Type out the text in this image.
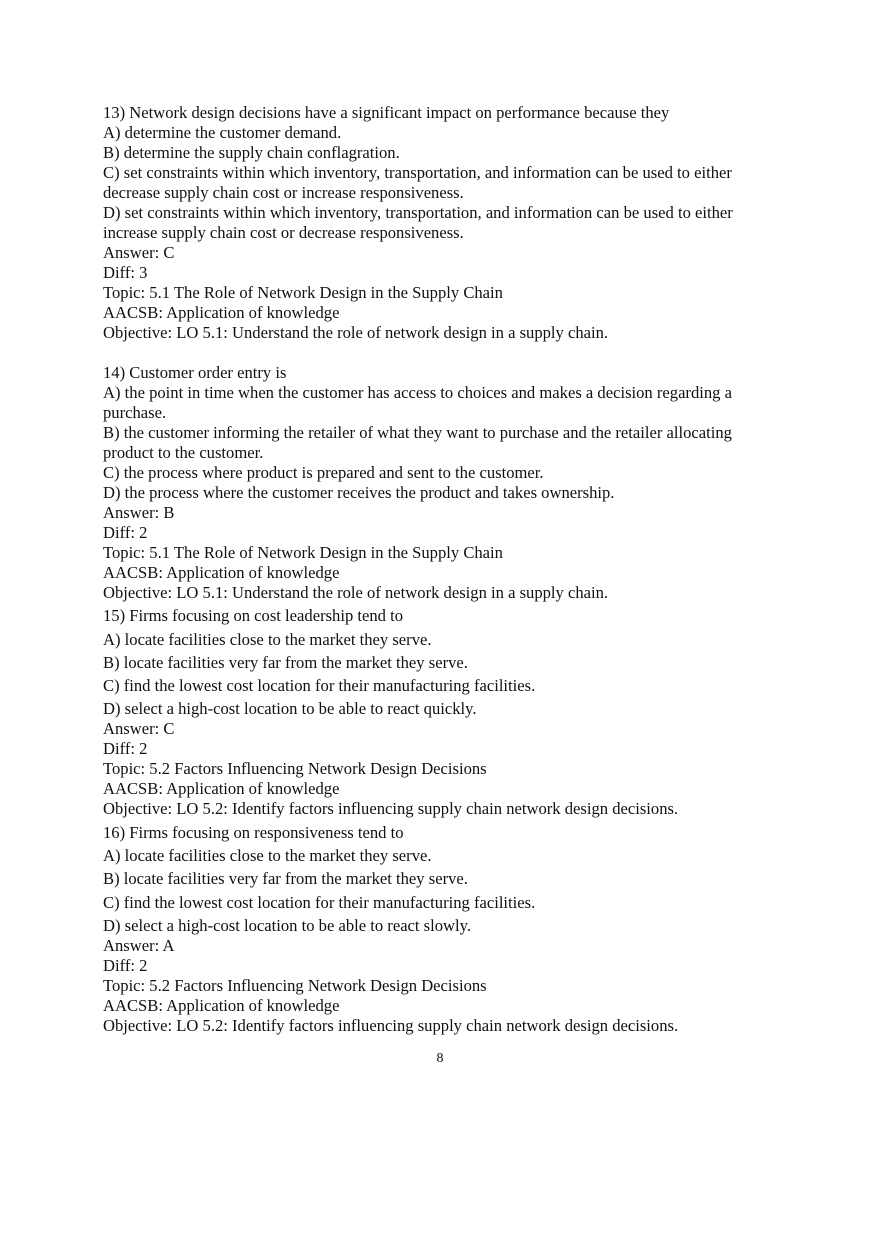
13) Network design decisions have a significant impact on performance because they
A) determine the customer demand.
B) determine the supply chain conflagration.
C) set constraints within which inventory, transportation, and information can be used to either
decrease supply chain cost or increase responsiveness.
D) set constraints within which inventory, transportation, and information can be used to either
increase supply chain cost or decrease responsiveness.
Answer: C
Diff: 3
Topic: 5.1 The Role of Network Design in the Supply Chain
AACSB: Application of knowledge
Objective: LO 5.1: Understand the role of network design in a supply chain.
14) Customer order entry is
A) the point in time when the customer has access to choices and makes a decision regarding a
purchase.
B) the customer informing the retailer of what they want to purchase and the retailer allocating
product to the customer.
C) the process where product is prepared and sent to the customer.
D) the process where the customer receives the product and takes ownership.
Answer: B
Diff: 2
Topic: 5.1 The Role of Network Design in the Supply Chain
AACSB: Application of knowledge
Objective: LO 5.1: Understand the role of network design in a supply chain.
15) Firms focusing on cost leadership tend to
A) locate facilities close to the market they serve.
B) locate facilities very far from the market they serve.
C) find the lowest cost location for their manufacturing facilities.
D) select a high-cost location to be able to react quickly.
Answer: C
Diff: 2
Topic: 5.2 Factors Influencing Network Design Decisions
AACSB: Application of knowledge
Objective: LO 5.2: Identify factors influencing supply chain network design decisions.
16) Firms focusing on responsiveness tend to
A) locate facilities close to the market they serve.
B) locate facilities very far from the market they serve.
C) find the lowest cost location for their manufacturing facilities.
D) select a high-cost location to be able to react slowly.
Answer: A
Diff: 2
Topic: 5.2 Factors Influencing Network Design Decisions
AACSB: Application of knowledge
Objective: LO 5.2: Identify factors influencing supply chain network design decisions.
8
